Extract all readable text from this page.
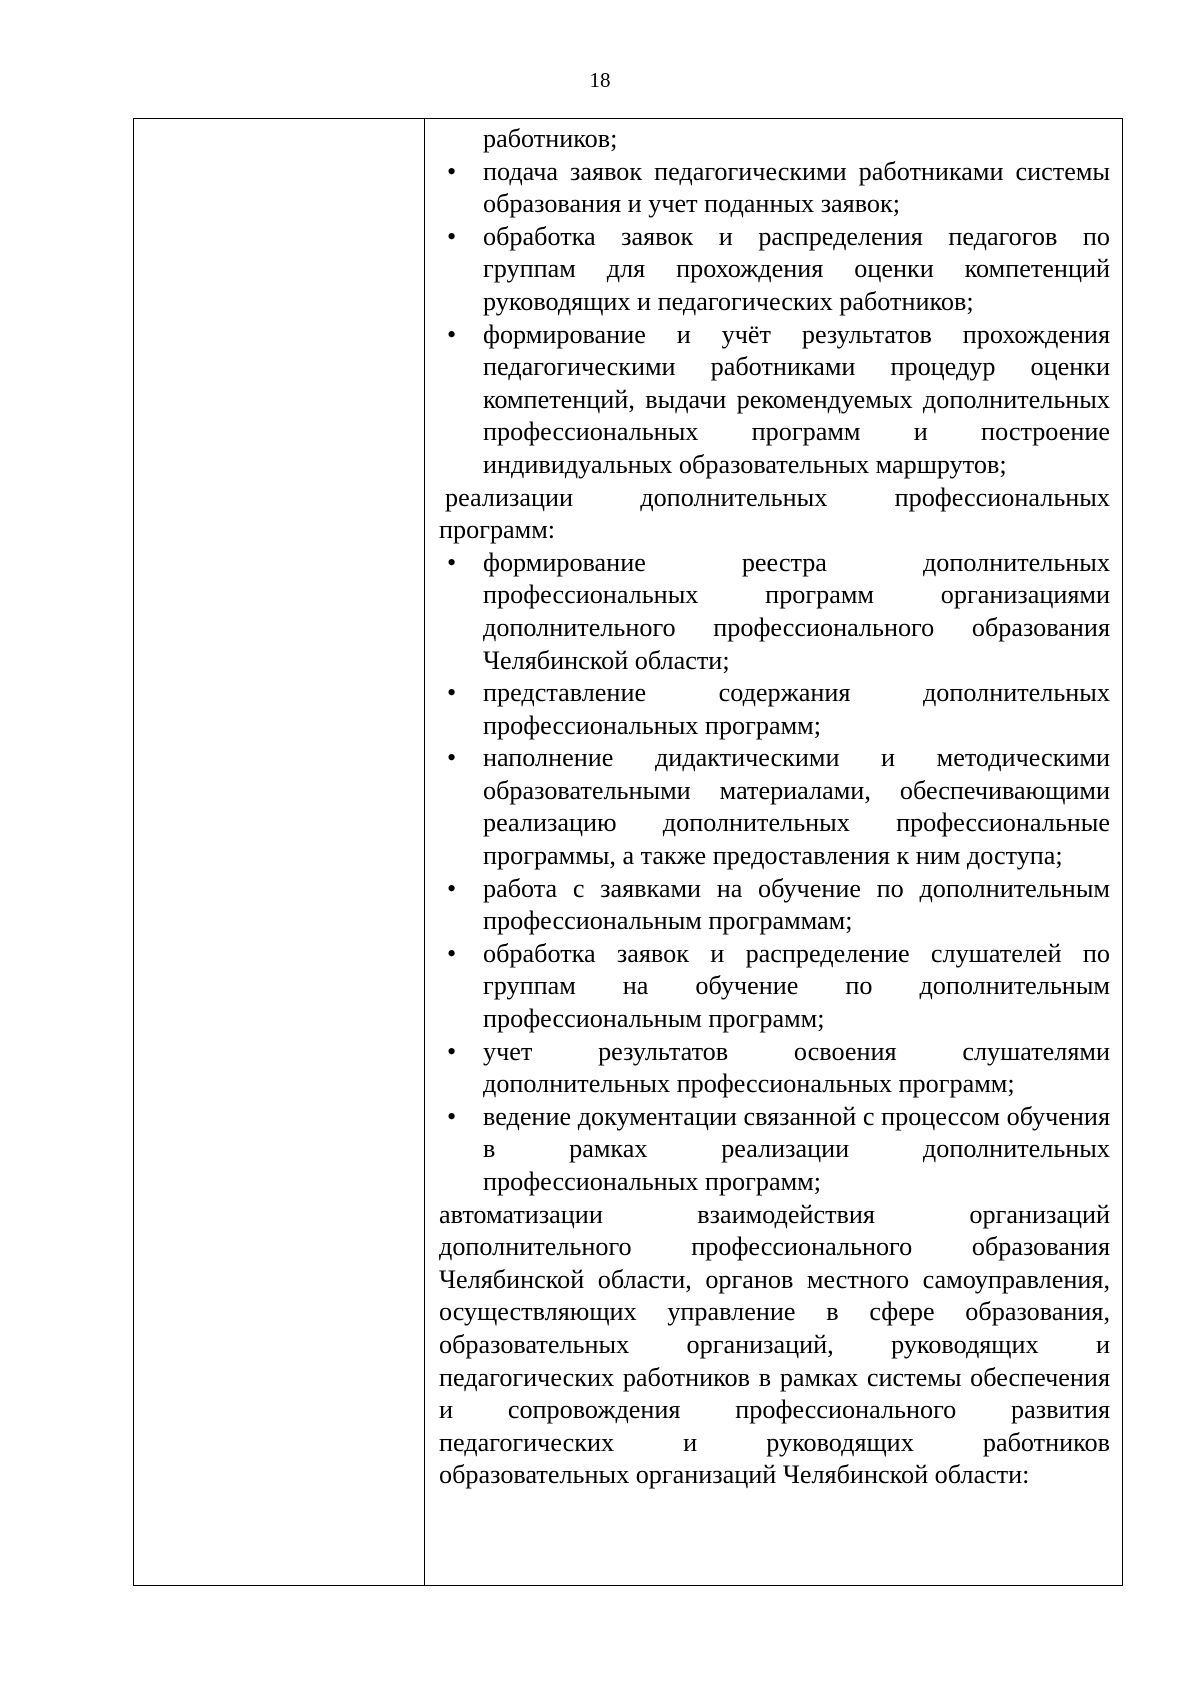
18

работников;

• подача заявок педагогическими работниками системы образования и учет поданных заявок;

• обработка заявок и распределения педагогов по группам для прохождения оценки компетенций руководящих и педагогических работников;

• формирование и учёт результатов прохождения педагогическими работниками процедур оценки компетенций, выдачи рекомендуемых дополнительных профессиональных программ и построение индивидуальных образовательных маршрутов;

реализации дополнительных профессиональных программ:

• формирование реестра дополнительных профессиональных программ организациями дополнительного профессионального образования Челябинской области;

• представление содержания дополнительных профессиональных программ;

• наполнение дидактическими и методическими образовательными материалами, обеспечивающими реализацию дополнительных профессиональные программы, а также предоставления к ним доступа;

• работа с заявками на обучение по дополнительным профессиональным программам;

• обработка заявок и распределение слушателей по группам на обучение по дополнительным профессиональным программ;

• учет результатов освоения слушателями дополнительных профессиональных программ;

• ведение документации связанной с процессом обучения в рамках реализации дополнительных профессиональных программ;

автоматизации взаимодействия организаций дополнительного профессионального образования Челябинской области, органов местного самоуправления, осуществляющих управление в сфере образования, образовательных организаций, руководящих и педагогических работников в рамках системы обеспечения и сопровождения профессионального развития педагогических и руководящих работников образовательных организаций Челябинской области:
